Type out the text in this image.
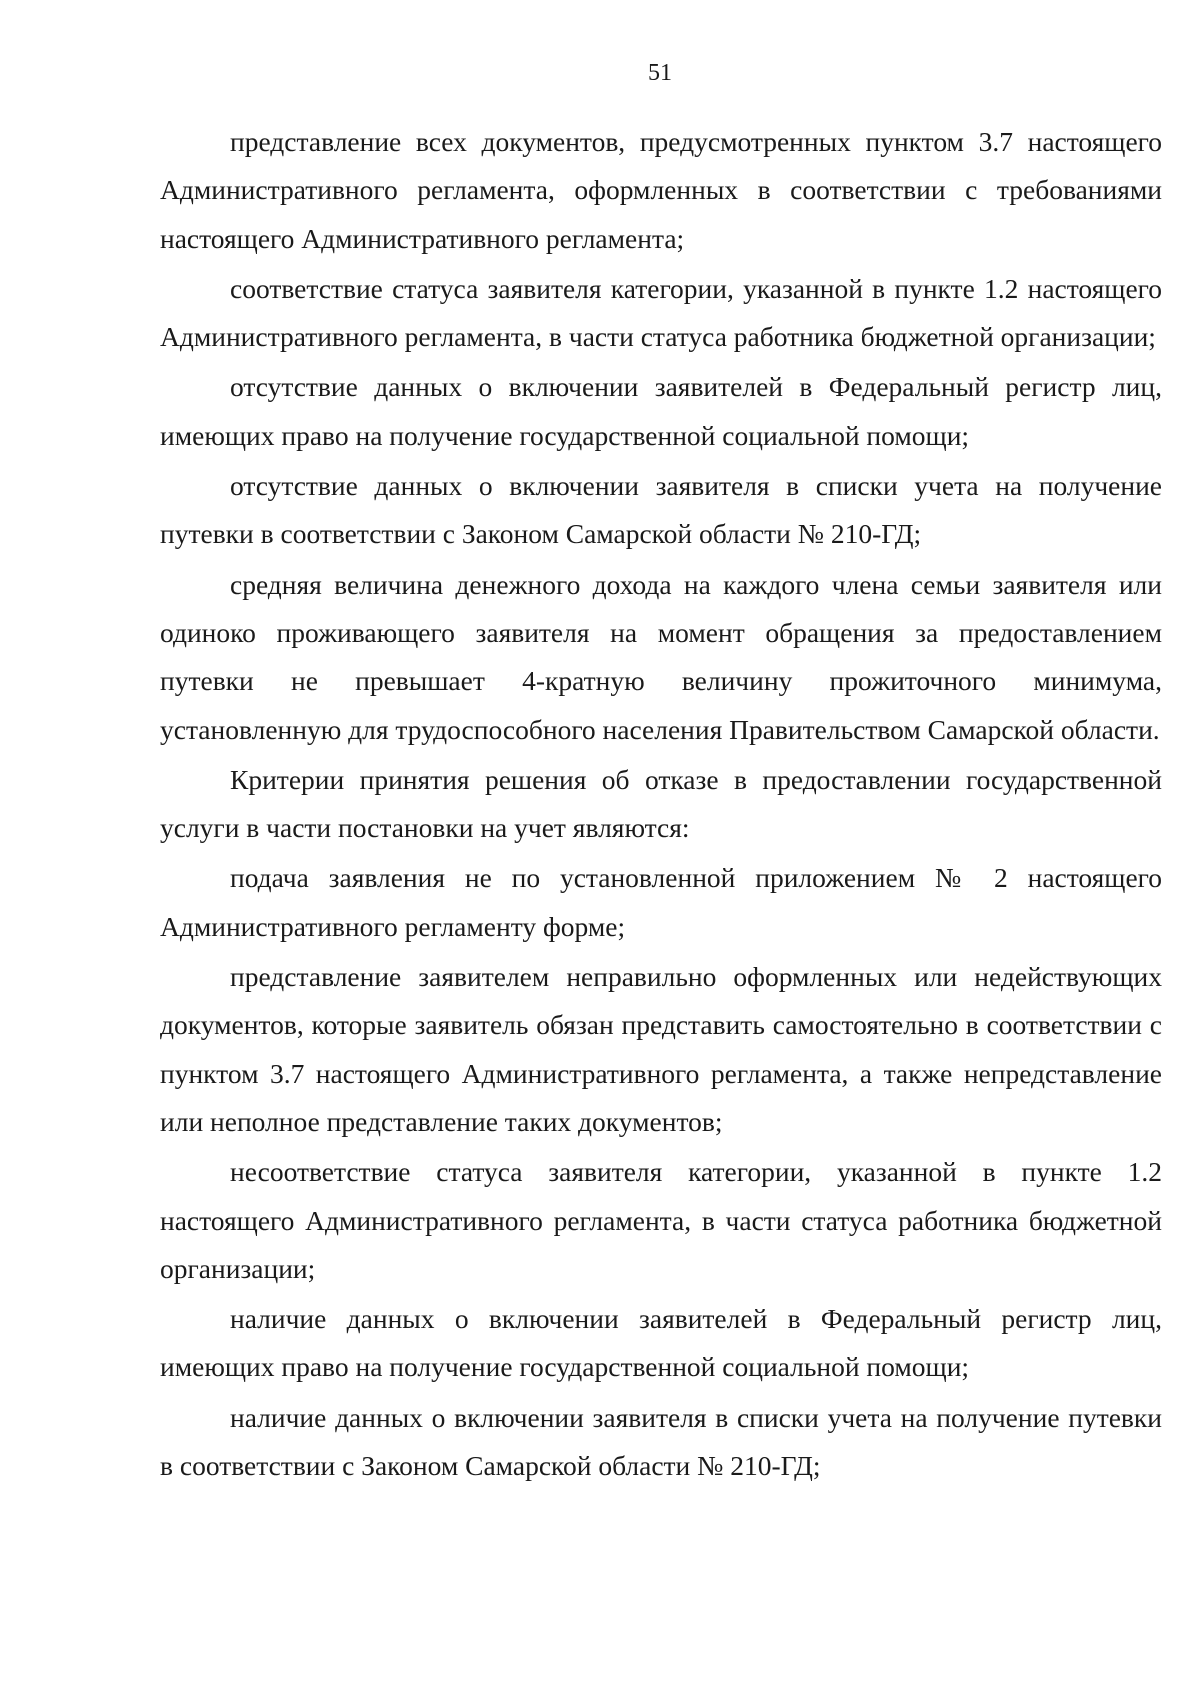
51

представление всех документов, предусмотренных пунктом 3.7 настоящего Административного регламента, оформленных в соответствии с требованиями настоящего Административного регламента;

соответствие статуса заявителя категории, указанной в пункте 1.2 настоящего Административного регламента, в части статуса работника бюджетной организации;

отсутствие данных о включении заявителей в Федеральный регистр лиц, имеющих право на получение государственной социальной помощи;

отсутствие данных о включении заявителя в списки учета на получение путевки в соответствии с Законом Самарской области № 210-ГД;

средняя величина денежного дохода на каждого члена семьи заявителя или одиноко проживающего заявителя на момент обращения за предоставлением путевки не превышает 4-кратную величину прожиточного минимума, установленную для трудоспособного населения Правительством Самарской области.

Критерии принятия решения об отказе в предоставлении государственной услуги в части постановки на учет являются:

подача заявления не по установленной приложением № 2 настоящего Административного регламенту форме;

представление заявителем неправильно оформленных или недействующих документов, которые заявитель обязан представить самостоятельно в соответствии с пунктом 3.7 настоящего Административного регламента, а также непредставление или неполное представление таких документов;

несоответствие статуса заявителя категории, указанной в пункте 1.2 настоящего Административного регламента, в части статуса работника бюджетной организации;

наличие данных о включении заявителей в Федеральный регистр лиц, имеющих право на получение государственной социальной помощи;

наличие данных о включении заявителя в списки учета на получение путевки в соответствии с Законом Самарской области № 210-ГД;
